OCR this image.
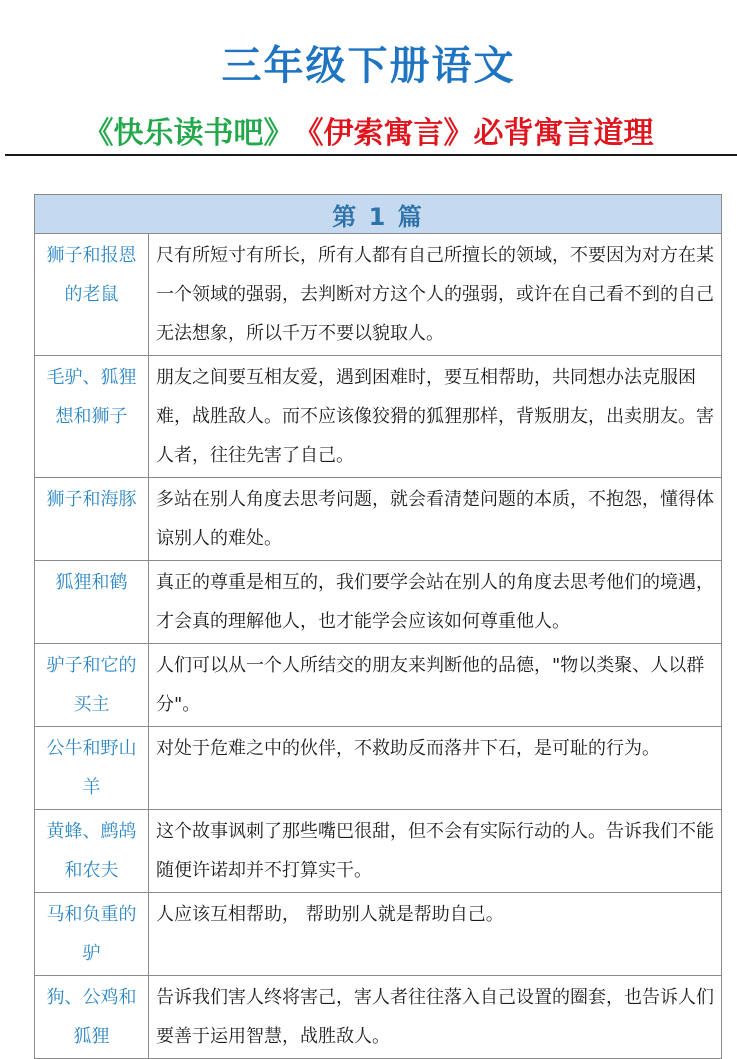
三年级下册语文
《快乐读书吧》《伊索寓言》必背寓言道理
第 1 篇	
狮子和报恩的老鼠	尺有所短寸有所长，所有人都有自己所擅长的领域，不要因为对方在某一个领域的强弱，去判断对方这个人的强弱，或许在自己看不到的自己无法想象，所以千万不要以貌取人。
毛驴、狐狸想和狮子	朋友之间要互相友爱，遇到困难时，要互相帮助，共同想办法克服困难，战胜敌人。而不应该像狡猾的狐狸那样，背叛朋友，出卖朋友。害人者，往往先害了自己。
狮子和海豚	多站在别人角度去思考问题，就会看清楚问题的本质，不抱怨，懂得体谅别人的难处。
狐狸和鹤	真正的尊重是相互的，我们要学会站在别人的角度去思考他们的境遇，才会真的理解他人，也才能学会应该如何尊重他人。
驴子和它的买主	人们可以从一个人所结交的朋友来判断他的品德，"物以类聚、人以群分"。
公牛和野山羊	对处于危难之中的伙伴，不救助反而落井下石，是可耻的行为。
黄蜂、鹧鸪和农夫	这个故事讽刺了那些嘴巴很甜，但不会有实际行动的人。告诉我们不能随便许诺却并不打算实干。
马和负重的驴	人应该互相帮助， 帮助别人就是帮助自己。
狗、公鸡和狐狸	告诉我们害人终将害己，害人者往往落入自己设置的圈套，也告诉人们要善于运用智慧，战胜敌人。
